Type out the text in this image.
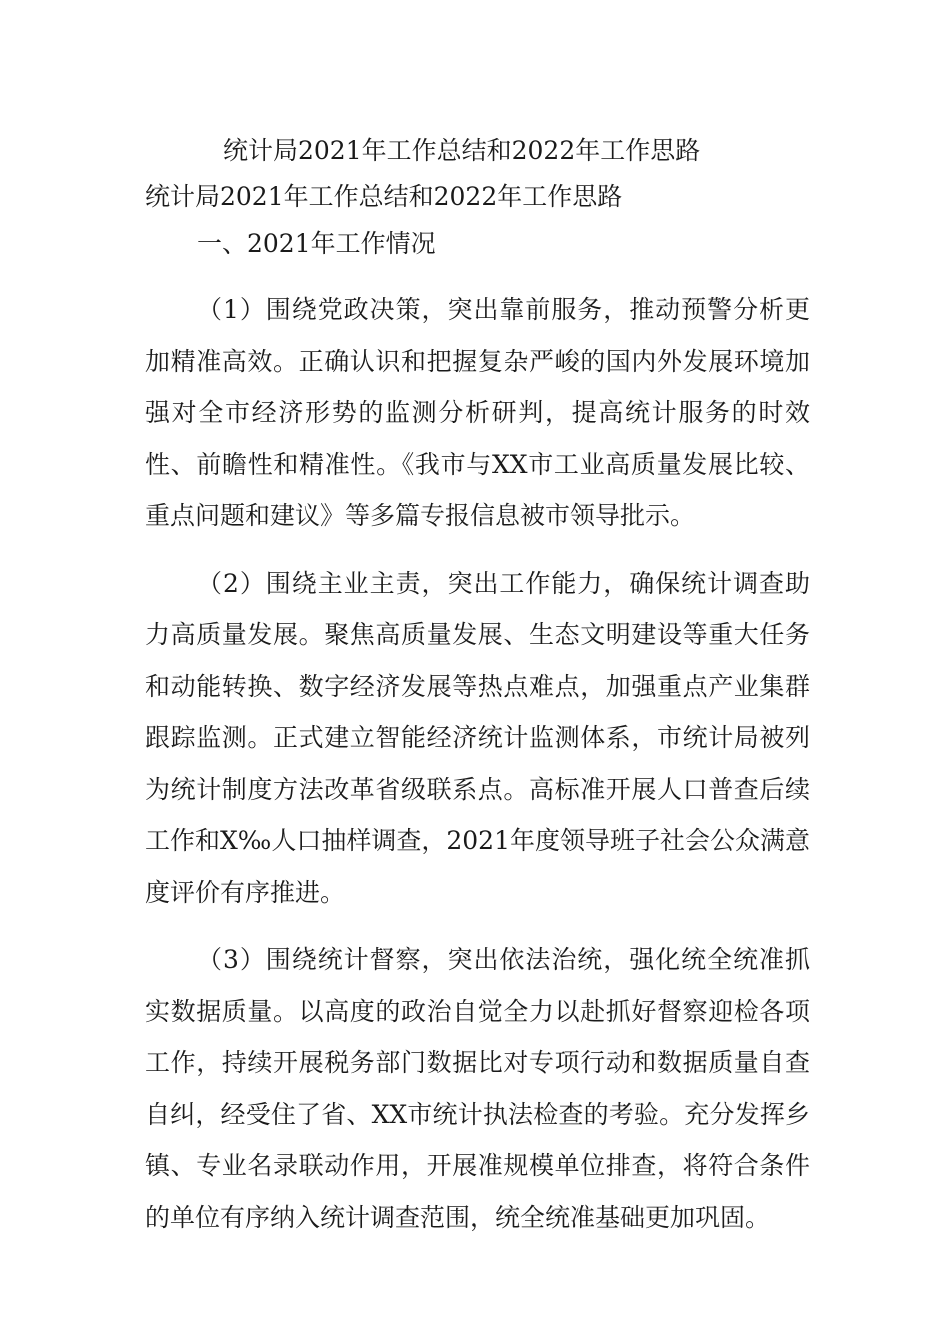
统计局2021年工作总结和2022年工作思路
统计局2021年工作总结和2022年工作思路
一、2021年工作情况

（1）围绕党政决策，突出靠前服务，推动预警分析更加精准高效。正确认识和把握复杂严峻的国内外发展环境加强对全市经济形势的监测分析研判，提高统计服务的时效性、前瞻性和精准性。《我市与XX市工业高质量发展比较、重点问题和建议》等多篇专报信息被市领导批示。

（2）围绕主业主责，突出工作能力，确保统计调查助力高质量发展。聚焦高质量发展、生态文明建设等重大任务和动能转换、数字经济发展等热点难点，加强重点产业集群跟踪监测。正式建立智能经济统计监测体系，市统计局被列为统计制度方法改革省级联系点。高标准开展人口普查后续工作和X‰人口抽样调查，2021年度领导班子社会公众满意度评价有序推进。

（3）围绕统计督察，突出依法治统，强化统全统准抓实数据质量。以高度的政治自觉全力以赴抓好督察迎检各项工作，持续开展税务部门数据比对专项行动和数据质量自查自纠，经受住了省、XX市统计执法检查的考验。充分发挥乡镇、专业名录联动作用，开展准规模单位排查，将符合条件的单位有序纳入统计调查范围，统全统准基础更加巩固。
